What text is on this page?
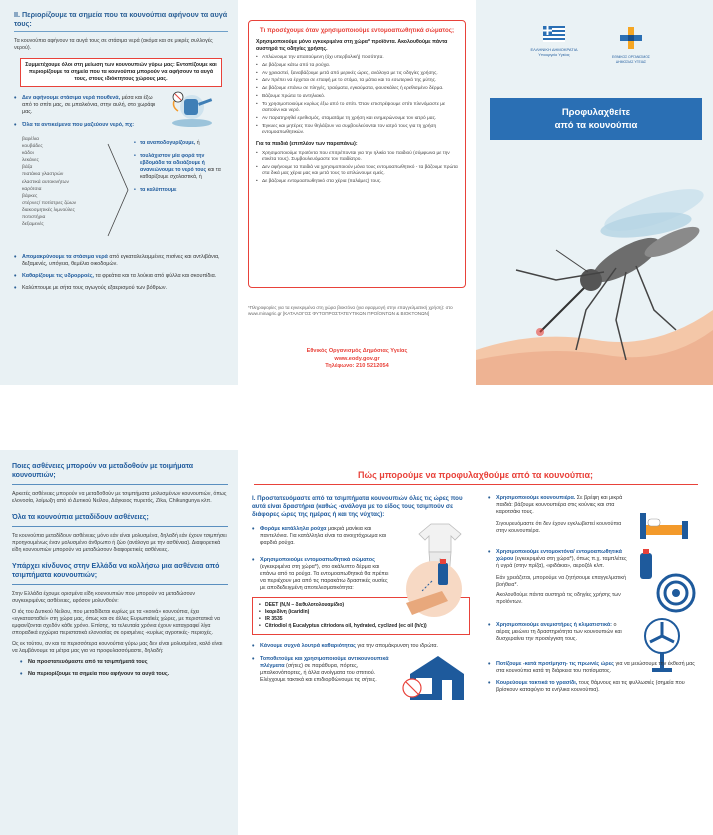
ΙΙ. Περιορίζουμε τα σημεία που τα κουνούπια αφήνουν τα αυγά τους:
Τα κουνούπια αφήνουν τα αυγά τους σε στάσιμα νερά (ακόμα και σε μικρές συλλογές νερού).
Συμμετέχουμε όλοι στη μείωση των κουνουπιών γύρω μας: Εντοπίζουμε και περιορίζουμε τα σημεία που τα κουνούπια μπορούν να αφήσουν τα αυγά τους, στους ιδιόκτητους χώρους μας.
• Δεν αφήνουμε στάσιμα νερά πουθενά, μέσα και έξω από το σπίτι μας, σε μπαλκόνια, στην αυλή, στο χωράφι μας.
• Όλα τα αντικείμενα που μαζεύουν νερό, πχ:
βαρέλια
κουβάδες
κάδοι
λεκάνες
βάζα
πιατάκια γλαστρών
ελαστικά αυτοκινήτων
καρότσια
βάρκες
στέρνες/ ποτίστρες ζώων
διακοσμητικές λιμνούλες
ποτιστήρια
δεξαμενές
• τα αναποδογυρίζουμε, ή
• τουλάχιστον μία φορά την εβδομάδα τα αδειάζουμε ή ανανεώνουμε το νερό τους και τα καθαρίζουμε σχολαστικά, ή
• τα καλύπτουμε
• Απομακρύνουμε τα στάσιμα νερά από εγκαταλελειμμένες πισίνες και αντλιβάνια, δεξαμενές, υπόγεια, θεμέλια οικοδομών.
• Καθαρίζουμε τις υδρορροές, τα φρεάτια και τα λούκια από φύλλα και σκουπίδια.
• Καλύπτουμε με σήτα τους αγωγούς εξαερισμού των βόθρων.
Τι προσέχουμε όταν χρησιμοποιούμε εντομοαπωθητικά σώματος;
Χρησιμοποιούμε μόνο εγκεκριμένα στη χώρα* προϊόντα. Ακολουθούμε πάντα αυστηρά τις οδηγίες χρήσης.
• Απλώνουμε την απαιτούμενη (όχι υπερβολική) ποσότητα.
• Δε βάζουμε κάτω από τα ρούχα.
• Αν χρειαστεί, ξαναβάζουμε μετά από μερικές ώρες, ανάλογα με τις οδηγίες χρήσης.
• Δεν πρέπει να έρχεται σε επαφή με το στόμα, τα μάτια και το εσωτερικό της μύτης.
• Δε βάζουμε επάνω σε πληγές, τραύματα, εγκαύματα, φουσκάλες ή ερεθισμένο δέρμα.
• Βάζουμε πρώτα το αντηλιακό.
• Το χρησιμοποιούμε κυρίως έξω από το σπίτι. Όταν επιστρέψουμε σπίτι πλενόμαστε με σαπούνι και νερό.
• Αν παρατηρηθεί ερεθισμός, σταματάμε τη χρήση και ενημερώνουμε τον ιατρό μας.
• Έγκυες και μητέρες που θηλάζουν να συμβουλεύονται τον ιατρό τους για τη χρήση εντομοαπωθητικών.
Για τα παιδιά (επιπλέον των παραπάνω):
• Χρησιμοποιούμε προϊόντα που επιτρέπονται για την ηλικία του παιδιού (σύμφωνα με την ετικέτα τους). Συμβουλευόμαστε τον παιδίατρο.
• Δεν αφήνουμε τα παιδιά να χρησιμοποιούν μόνα τους εντομοαπωθητικό - τα βάζουμε πρώτα στα δικά μας χέρια μας και μετά τους το απλώνουμε εμείς.
• Δε βάζουμε εντομοαπωθητικό στα χέρια (παλάμες) τους.
*Πληροφορίες για τα εγκεκριμένα στη χώρα βιοκτόνα (για εφαρμογή στην επαγγελματική χρήση): στο www.minagric.gr [ΚΑΤΑΛΟΓΟΣ ΦΥΤΟΠΡΟΣΤΑΤΕΥΤΙΚΩΝ ΠΡΟΪΟΝΤΩΝ & ΒΙΟΚΤΟΝΩΝ]
Εθνικός Οργανισμός Δημόσιας Υγείας
www.eody.gov.gr
Τηλέφωνο: 210 5212054
ΕΛΛΗΝΙΚΗ ΔΗΜΟΚΡΑΤΙΑ Υπουργείο Υγείας	ΕΘΝΙΚΟΣ ΟΡΓΑΝΙΣΜΟΣ ΔΗΜΟΣΙΑΣ ΥΓΕΙΑΣ
Προφυλαχθείτε
από τα κουνούπια
Ποιες ασθένειες μπορούν να μεταδοθούν με τοιμήματα κουνουπιών;
Αρκετές ασθένειες μπορούν να μεταδοθούν με τσιμπήματα μολυσμένων κουνουπιών, όπως ελονοσία, λοίμωξη από ιό Δυτικού Νείλου, Δάγκειος πυρετός, Zika, Chikungunya κλπ.
Όλα τα κουνούπια μεταδίδουν ασθένειες;
Τα κουνούπια μεταδίδουν ασθένειες μόνο εάν είναι μολυσμένα, δηλαδή εάν έχουν τσιμπήσει προηγουμένως έναν μολυσμένο άνθρωπο ή ζώο (ανάλογα με την ασθένεια). Διαφορετικά είδη κουνουπιών μπορούν να μεταδώσουν διαφορετικές ασθένειες.
Υπάρχει κίνδυνος στην Ελλάδα να κολλήσω μια ασθένεια από τσιμπήματα κουνουπιών;
Στην Ελλάδα έχουμε ορισμένα είδη κουνουπιών που μπορούν να μεταδώσουν συγκεκριμένες ασθένειες, εφόσον μολυνθούν:
Ο ιός του Δυτικού Νείλου, που μεταδίδεται κυρίως με τα «κοινά» κουνούπια, έχει «εγκατασταθεί» στη χώρα μας, όπως και σε άλλες Ευρωπαϊκές χώρες, με περιστατικά να εμφανίζονται σχεδόν κάθε χρόνο. Επίσης, τα τελευταία χρόνια έχουν καταγραφεί λίγα σποραδικά εγχώρια περιστατικά ελονοσίας σε ορισμένες -κυρίως αγροτικές- περιοχές.
Ως εκ τούτου, αν και τα περισσότερα κουνούπια γύρω μας δεν είναι μολυσμένα, καλό είναι να λαμβάνουμε τα μέτρα μας για να προφυλασσόμαστε, δηλαδή:
• Να προστατευόμαστε από τα τσιμπήματά τους
• Να περιορίζουμε τα σημεία που αφήνουν τα αυγά τους.
Πώς μπορούμε να προφυλαχθούμε από τα κουνούπια;
Ι. Προστατευόμαστε από τα τσιμπήματα κουνουπιών όλες τις ώρες που αυτά είναι δραστήρια (καθώς -ανάλογα με το είδος τους τσιμπούν σε διάφορες ώρες της ημέρας ή και της νύχτας):
• Φοράμε κατάλληλα ρούχα μακριά μανίκια και παντελόνια. Για κατάλληλα είναι τα ανοιχτόχρωμα και φαρδιά ρούχα.
• Χρησιμοποιούμε εντομοαπωθητικά σώματος (εγκεκριμένα στη χώρα*), στο ακάλυπτο δέρμα και επάνω από τα ρούχα. Τα εντομοαπωθητικά θα πρέπει να περιέχουν μια από τις παρακάτω δραστικές ουσίες με αποδεδειγμένη αποτελεσματικότητα:
• DEET (N,N – διεθυλοτολουαμίδιο)
• Ικαριδίνη (icaridin)
• IR 3535
• Citriodiol ή Eucalyptus citriodora oil, hydrated, cyclized (ec oil (h/c))
• Κάνουμε συχνά λουτρά καθαριότητας για την απομάκρυνση του ιδρώτα.
• Τοποθετούμε και χρησιμοποιούμε αντικουνουπικά πλέγματα (σήτες) σε παράθυρα, πόρτες, μπαλκονόπορτες, ή άλλα ανοίγματα του σπιτιού. Ελέγχουμε τακτικά και επιδιορθώνουμε τις σήτες.
• Χρησιμοποιούμε κουνουπιέρα. Σε βρέφη και μικρά παιδιά: βάζουμε κουνουπιέρα στις κούνιες και στα καροτσάκι τους.
Σιγουρευόμαστε ότι δεν έχουν εγκλωβιστεί κουνούπια στην κουνουπιέρα.
• Χρησιμοποιούμε εντομοκτόνα/ εντομοαπωθητικά χώρου (εγκεκριμένα στη χώρα*), όπως π.χ. ταμπλέτες ή υγρά (στην πρίζα), «φιδάκια», αεροζόλ κλπ.
Εάν χρειάζεται, μπορούμε να ζητήσουμε επαγγελματική βοήθεια*.
Ακολουθούμε πάντα αυστηρά τις οδηγίες χρήσης των προϊόντων.
• Χρησιμοποιούμε ανεμιστήρες ή κλιματιστικά: ο αέρας μειώνει τη δραστηριότητα των κουνουπιών και δυσχεραίνει την προσέγγιση τους.
• Ποτίζουμε -κατά προτίμηση- τις πρωινές ώρες για να μειώσουμε την έκθεσή μας στα κουνούπια κατά τη διάρκεια του ποτίσματος.
• Κουρεύουμε τακτικά το γρασίδι, τους θάμνους και τις φυλλωσιές (σημεία που βρίσκουν καταφύγιο τα ενήλικα κουνούπια).
